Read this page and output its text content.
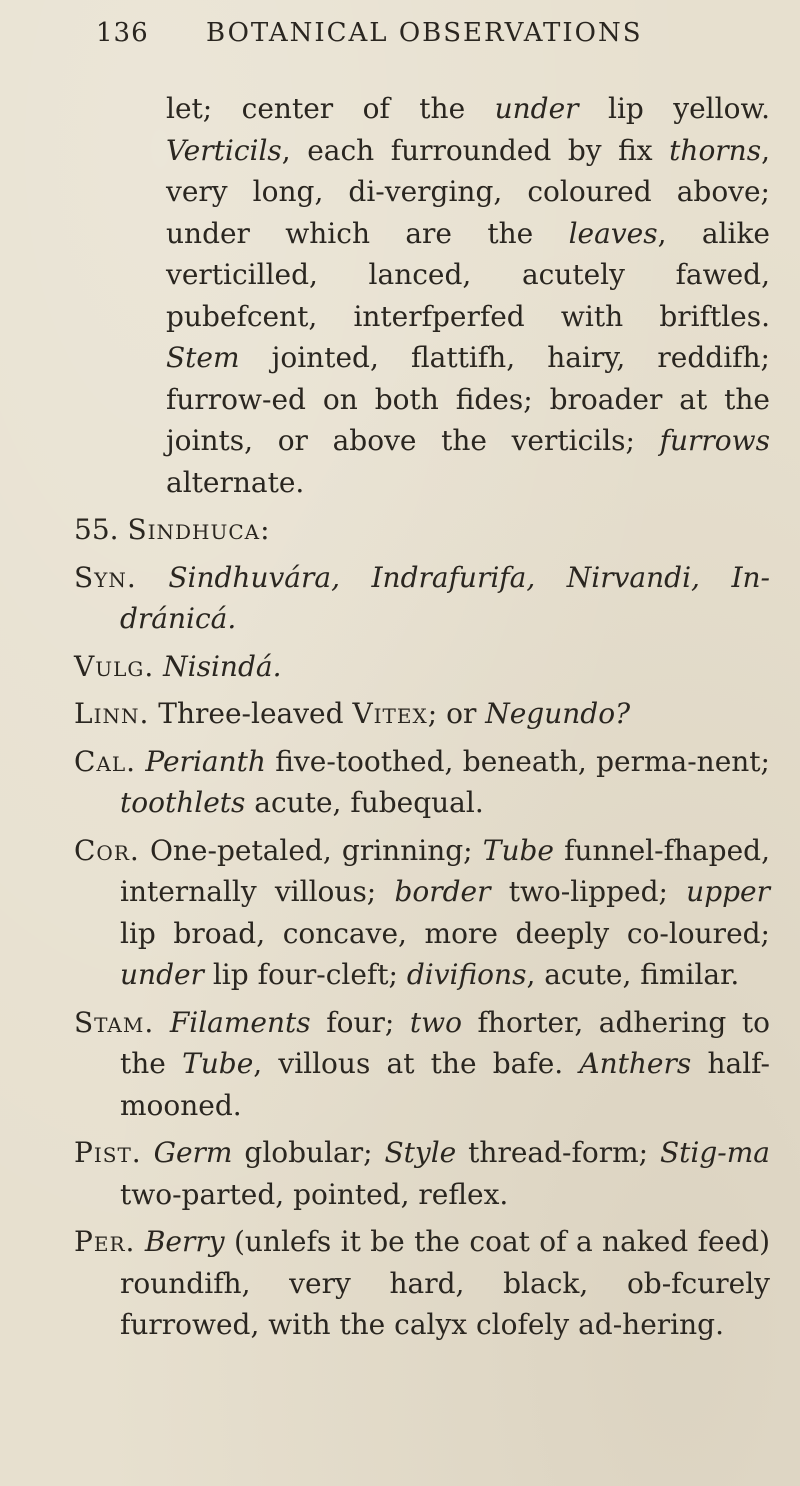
136 BOTANICAL OBSERVATIONS

let; center of the under lip yellow. Verticils, each furrounded by fix thorns, very long, di-verging, coloured above; under which are the leaves, alike verticilled, lanced, acutely fawed, pubefcent, interfperfed with briftles. Stem jointed, flattifh, hairy, reddifh; furrow-ed on both fides; broader at the joints, or above the verticils; furrows alternate.

55. Sindhuca:

Syn. Sindhuvára, Indrafurifa, Nirvandi, In-dránicá.

Vulg. Nisindá.

Linn. Three-leaved Vitex; or Negundo?

Cal. Perianth five-toothed, beneath, perma-nent; toothlets acute, fubequal.

Cor. One-petaled, grinning; Tube funnel-fhaped, internally villous; border two-lipped; upper lip broad, concave, more deeply co-loured; under lip four-cleft; divifions, acute, fimilar.

Stam. Filaments four; two fhorter, adhering to the Tube, villous at the bafe. Anthers half-mooned.

Pist. Germ globular; Style thread-form; Stig-ma two-parted, pointed, reflex.

Per. Berry (unlefs it be the coat of a naked feed) roundifh, very hard, black, ob-fcurely furrowed, with the calyx clofely ad-hering.
